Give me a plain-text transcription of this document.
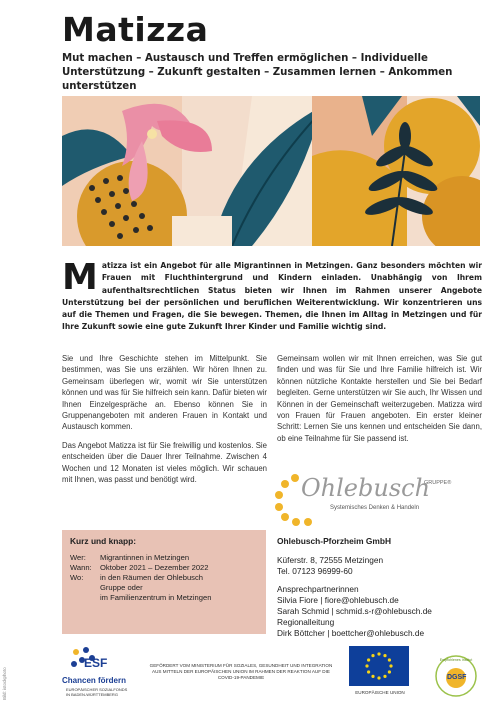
Matizza
Mut machen – Austausch und Treffen ermöglichen – Individuelle Unterstützung – Zukunft gestalten – Zusammen lernen – Ankommen unterstützen
M atizza ist ein Angebot für alle Migrantinnen in Metzingen. Ganz besonders möchten wir Frauen mit Fluchthintergrund und Kindern einladen. Unabhängig von Ihrem aufenthaltsrechtlichen Status bieten wir Ihnen im Rahmen unserer Angebote Unterstützung bei der persönlichen und beruflichen Weiterentwicklung. Wir konzentrieren uns auf die Themen und Fragen, die Sie bewegen. Themen, die Ihnen im Alltag in Metzingen und für Ihre Zukunft sowie eine gute Zukunft Ihrer Kinder und Familie wichtig sind.

Sie und Ihre Geschichte stehen im Mittelpunkt. Sie bestimmen, was Sie uns erzählen. Wir hören Ihnen zu. Gemeinsam überlegen wir, womit wir Sie unterstützen können und was für Sie hilfreich sein kann. Dafür bieten wir Ihnen Einzelgespräche an. Ebenso können Sie in Gruppenangeboten mit anderen Frauen in Kontakt und Austausch kommen.

Das Angebot Matizza ist für Sie freiwillig und kostenlos. Sie entscheiden über die Dauer Ihrer Teilnahme. Zwischen 4 Wochen und 12 Monaten ist vieles möglich. Wir schauen mit Ihnen, was passt und benötigt wird.

Gemeinsam wollen wir mit Ihnen erreichen, was Sie gut finden und was für Sie und Ihre Familie hilfreich ist. Wir können nützliche Kontakte herstellen und Sie bei Bedarf begleiten. Gerne unterstützen wir Sie auch, Ihr Wissen und Können in der Gemeinschaft weiterzugeben. Matizza wird von Frauen für Frauen angeboten. Ein erster kleiner Schritt: Lernen Sie uns kennen und entscheiden Sie dann, ob eine Teilnahme für Sie passend ist.

Ohlebusch
GRUPPE®
Systemisches Denken & Handeln
Kurz und knapp:
Wer:	Migrantinnen in Metzingen
Wann:	Oktober 2021 – Dezember 2022
Wo:	in den Räumen der Ohlebusch
Gruppe oder
im Familienzentrum in Metzingen
Ohlebusch-Pforzheim GmbH
Küferstr. 8, 72555 Metzingen
Tel. 07123 96999-60
Ansprechpartnerinnen
Silvia Fiore | fiore@ohlebusch.de
Sarah Schmid | schmid.s-r@ohlebusch.de
Regionalleitung
Dirk Böttcher | boettcher@ohlebusch.de
ESF
Chancen fördern
EUROPÄISCHER SOZIALFONDS
IN BADEN-WÜRTTEMBERG
GEFÖRDERT VOM MINISTERIUM FÜR SOZIALES, GESUNDHEIT UND INTEGRATION AUS MITTELN DER EUROPÄISCHEN UNION IM RAHMEN DER REAKTION AUF DIE COVID-19-PANDEMIE
EUROPÄISCHE UNION
Empfohlenes Institut
DGSF
Bild: istockphoto
